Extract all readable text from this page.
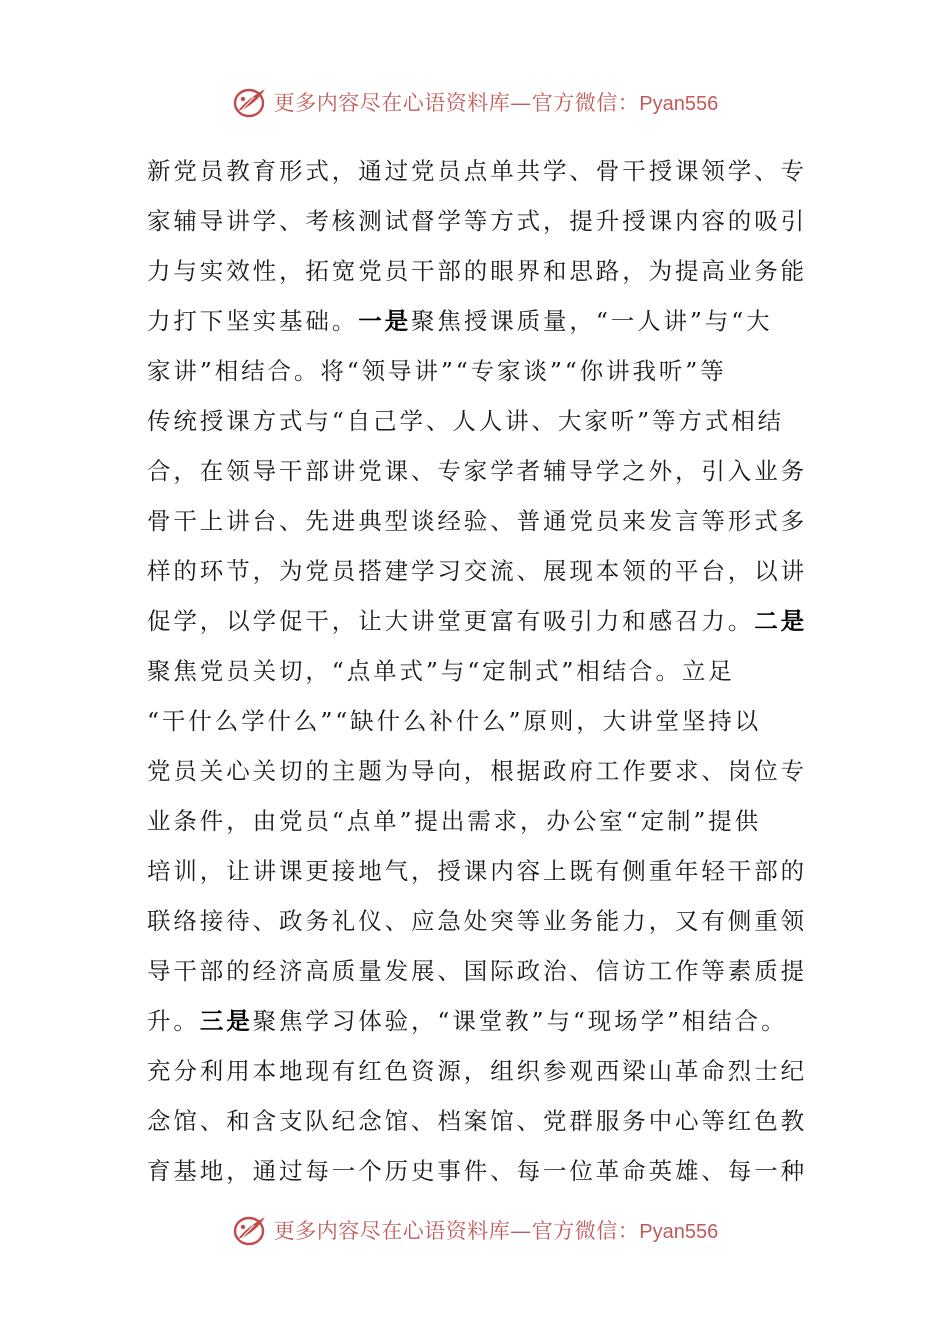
更多内容尽在心语资料库—官方微信：Pyan556
新党员教育形式，通过党员点单共学、骨干授课领学、专
家辅导讲学、考核测试督学等方式，提升授课内容的吸引
力与实效性，拓宽党员干部的眼界和思路，为提高业务能
力打下坚实基础。一是聚焦授课质量，“一人讲”与“大
家讲”相结合。将“领导讲”“专家谈”“你讲我听”等
传统授课方式与“自己学、人人讲、大家听”等方式相结
合，在领导干部讲党课、专家学者辅导学之外，引入业务
骨干上讲台、先进典型谈经验、普通党员来发言等形式多
样的环节，为党员搭建学习交流、展现本领的平台，以讲
促学，以学促干，让大讲堂更富有吸引力和感召力。二是
聚焦党员关切，“点单式”与“定制式”相结合。立足
“干什么学什么”“缺什么补什么”原则，大讲堂坚持以
党员关心关切的主题为导向，根据政府工作要求、岗位专
业条件，由党员“点单”提出需求，办公室“定制”提供
培训，让讲课更接地气，授课内容上既有侧重年轻干部的
联络接待、政务礼仪、应急处突等业务能力，又有侧重领
导干部的经济高质量发展、国际政治、信访工作等素质提
升。三是聚焦学习体验，“课堂教”与“现场学”相结合。
充分利用本地现有红色资源，组织参观西梁山革命烈士纪
念馆、和含支队纪念馆、档案馆、党群服务中心等红色教
育基地，通过每一个历史事件、每一位革命英雄、每一种
更多内容尽在心语资料库—官方微信：Pyan556
